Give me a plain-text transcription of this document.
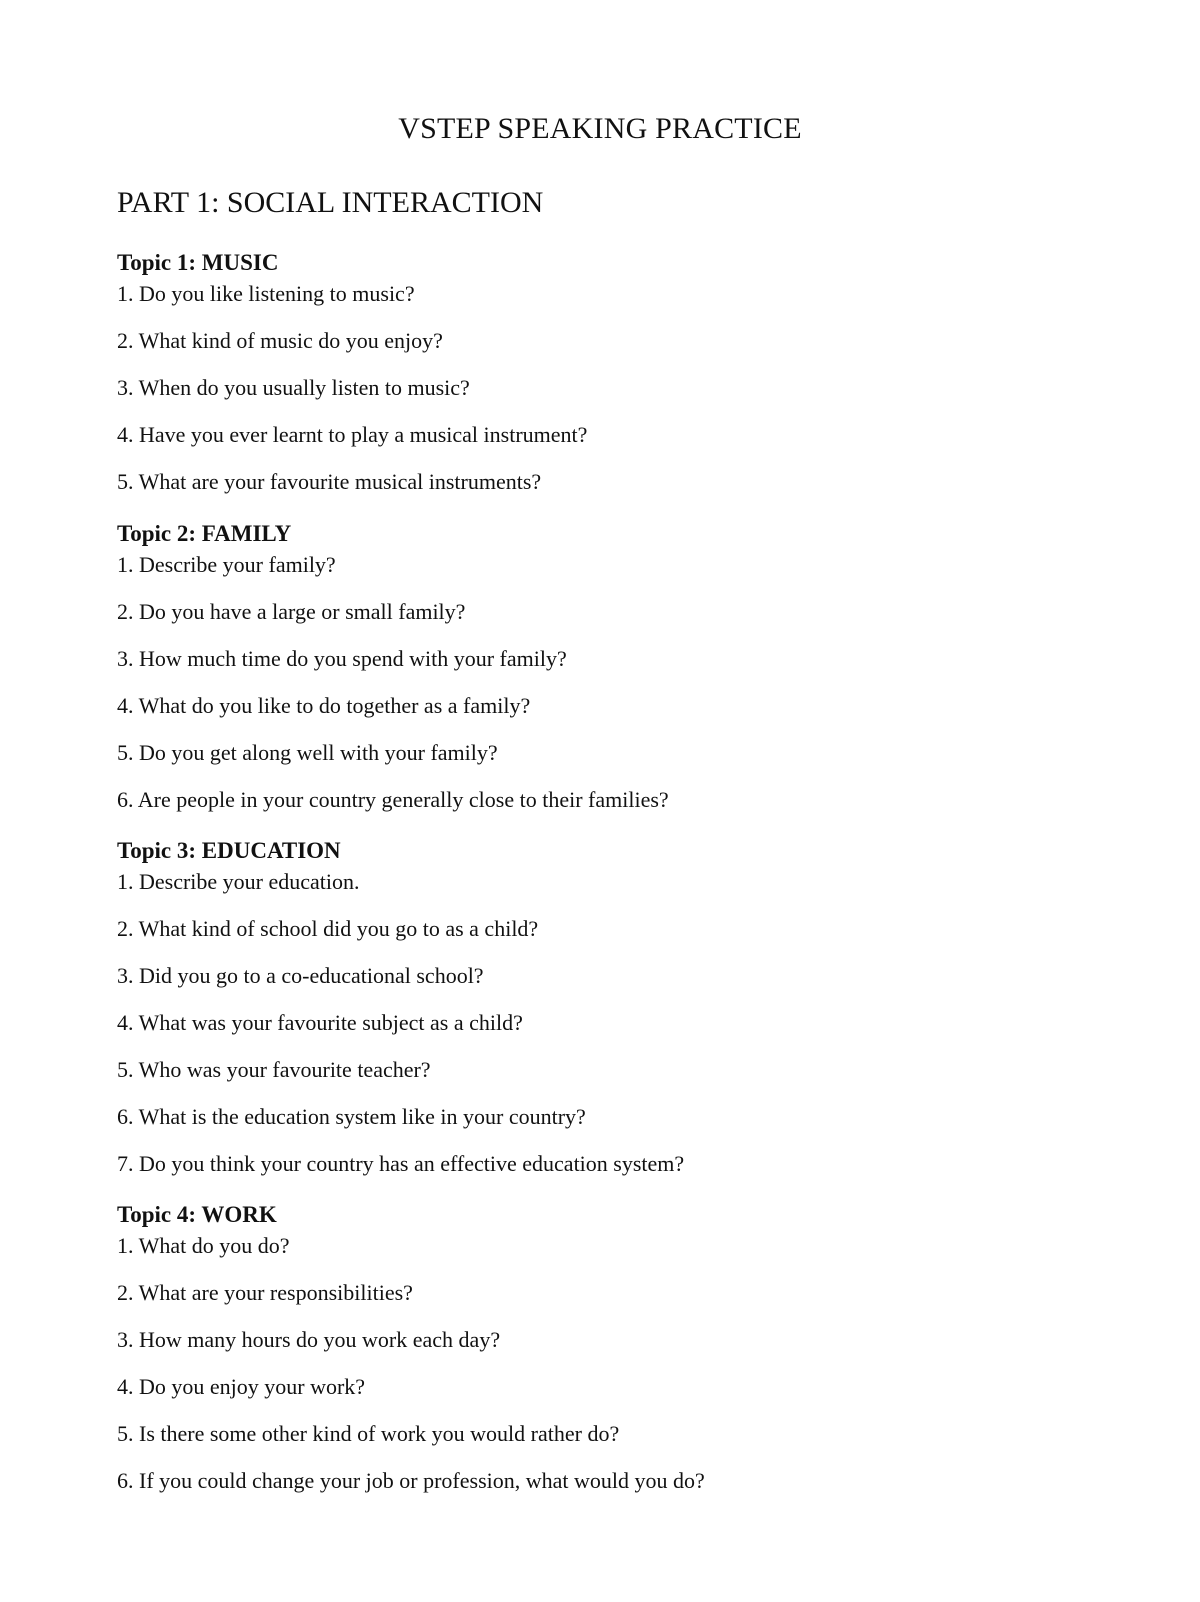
VSTEP SPEAKING PRACTICE
PART 1: SOCIAL INTERACTION

Topic 1: MUSIC

1. Do you like listening to music?

2. What kind of music do you enjoy?

3. When do you usually listen to music?

4. Have you ever learnt to play a musical instrument?

5. What are your favourite musical instruments?

Topic 2: FAMILY

1. Describe your family?

2. Do you have a large or small family?

3. How much time do you spend with your family?

4. What do you like to do together as a family?

5. Do you get along well with your family?

6. Are people in your country generally close to their families?

Topic 3: EDUCATION

1. Describe your education.

2. What kind of school did you go to as a child?

3. Did you go to a co-educational school?

4. What was your favourite subject as a child?

5. Who was your favourite teacher?

6. What is the education system like in your country?

7. Do you think your country has an effective education system?

Topic 4: WORK

1. What do you do?

2. What are your responsibilities?

3. How many hours do you work each day?

4. Do you enjoy your work?

5. Is there some other kind of work you would rather do?

6. If you could change your job or profession, what would you do?
